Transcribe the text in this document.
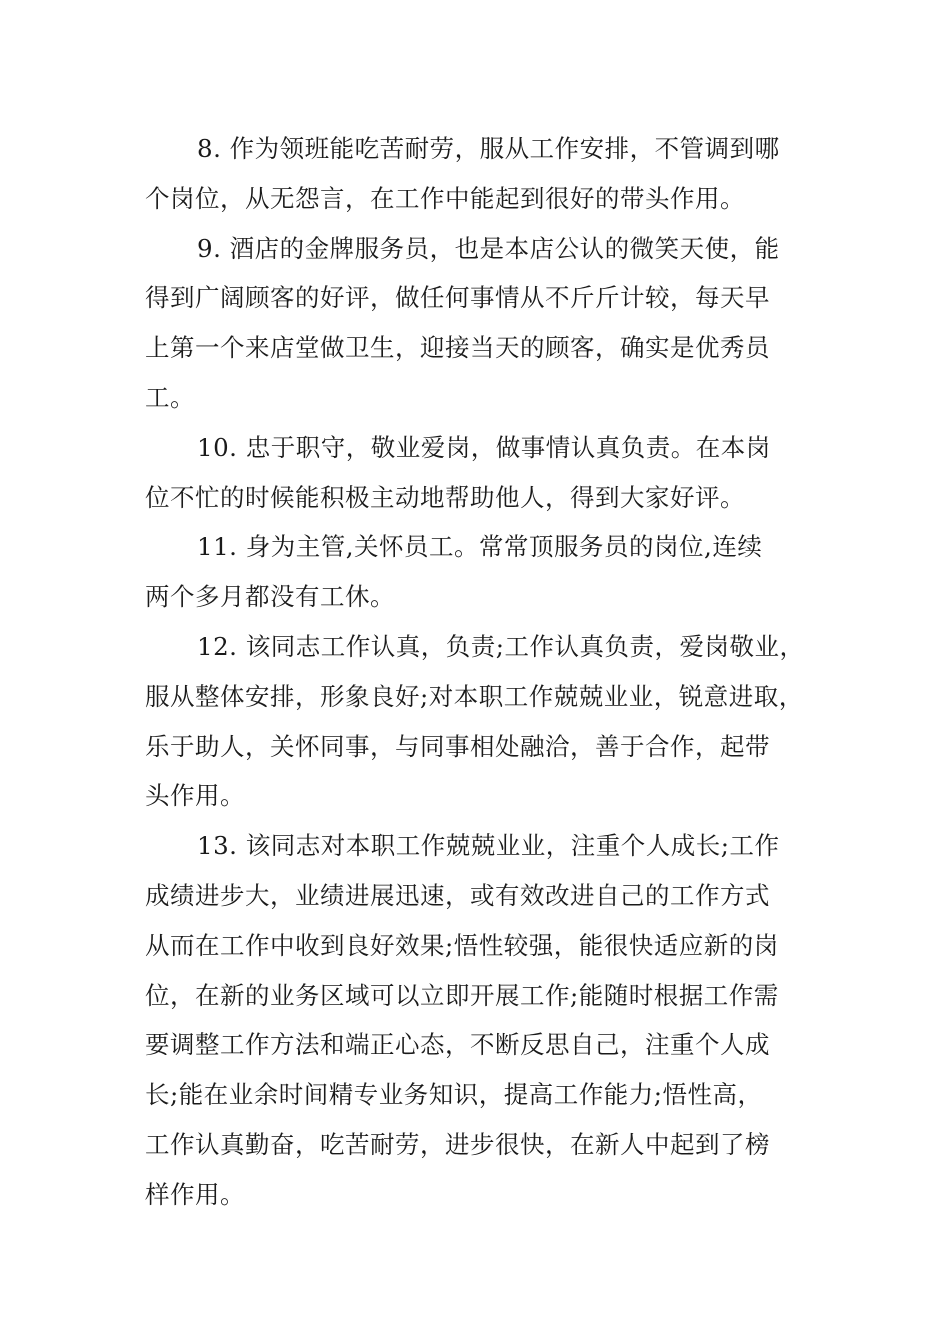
8. 作为领班能吃苦耐劳，服从工作安排，不管调到哪
个岗位，从无怨言，在工作中能起到很好的带头作用。
9. 酒店的金牌服务员，也是本店公认的微笑天使，能
得到广阔顾客的好评，做任何事情从不斤斤计较，每天早
上第一个来店堂做卫生，迎接当天的顾客，确实是优秀员
工。
10. 忠于职守，敬业爱岗，做事情认真负责。在本岗
位不忙的时候能积极主动地帮助他人，得到大家好评。
11. 身为主管,关怀员工。常常顶服务员的岗位,连续
两个多月都没有工休。
12. 该同志工作认真，负责;工作认真负责，爱岗敬业，
服从整体安排，形象良好;对本职工作兢兢业业，锐意进取，
乐于助人，关怀同事，与同事相处融洽，善于合作，起带
头作用。
13. 该同志对本职工作兢兢业业，注重个人成长;工作
成绩进步大，业绩进展迅速，或有效改进自己的工作方式
从而在工作中收到良好效果;悟性较强，能很快适应新的岗
位，在新的业务区域可以立即开展工作;能随时根据工作需
要调整工作方法和端正心态，不断反思自己，注重个人成
长;能在业余时间精专业务知识，提高工作能力;悟性高，
工作认真勤奋，吃苦耐劳，进步很快，在新人中起到了榜
样作用。
